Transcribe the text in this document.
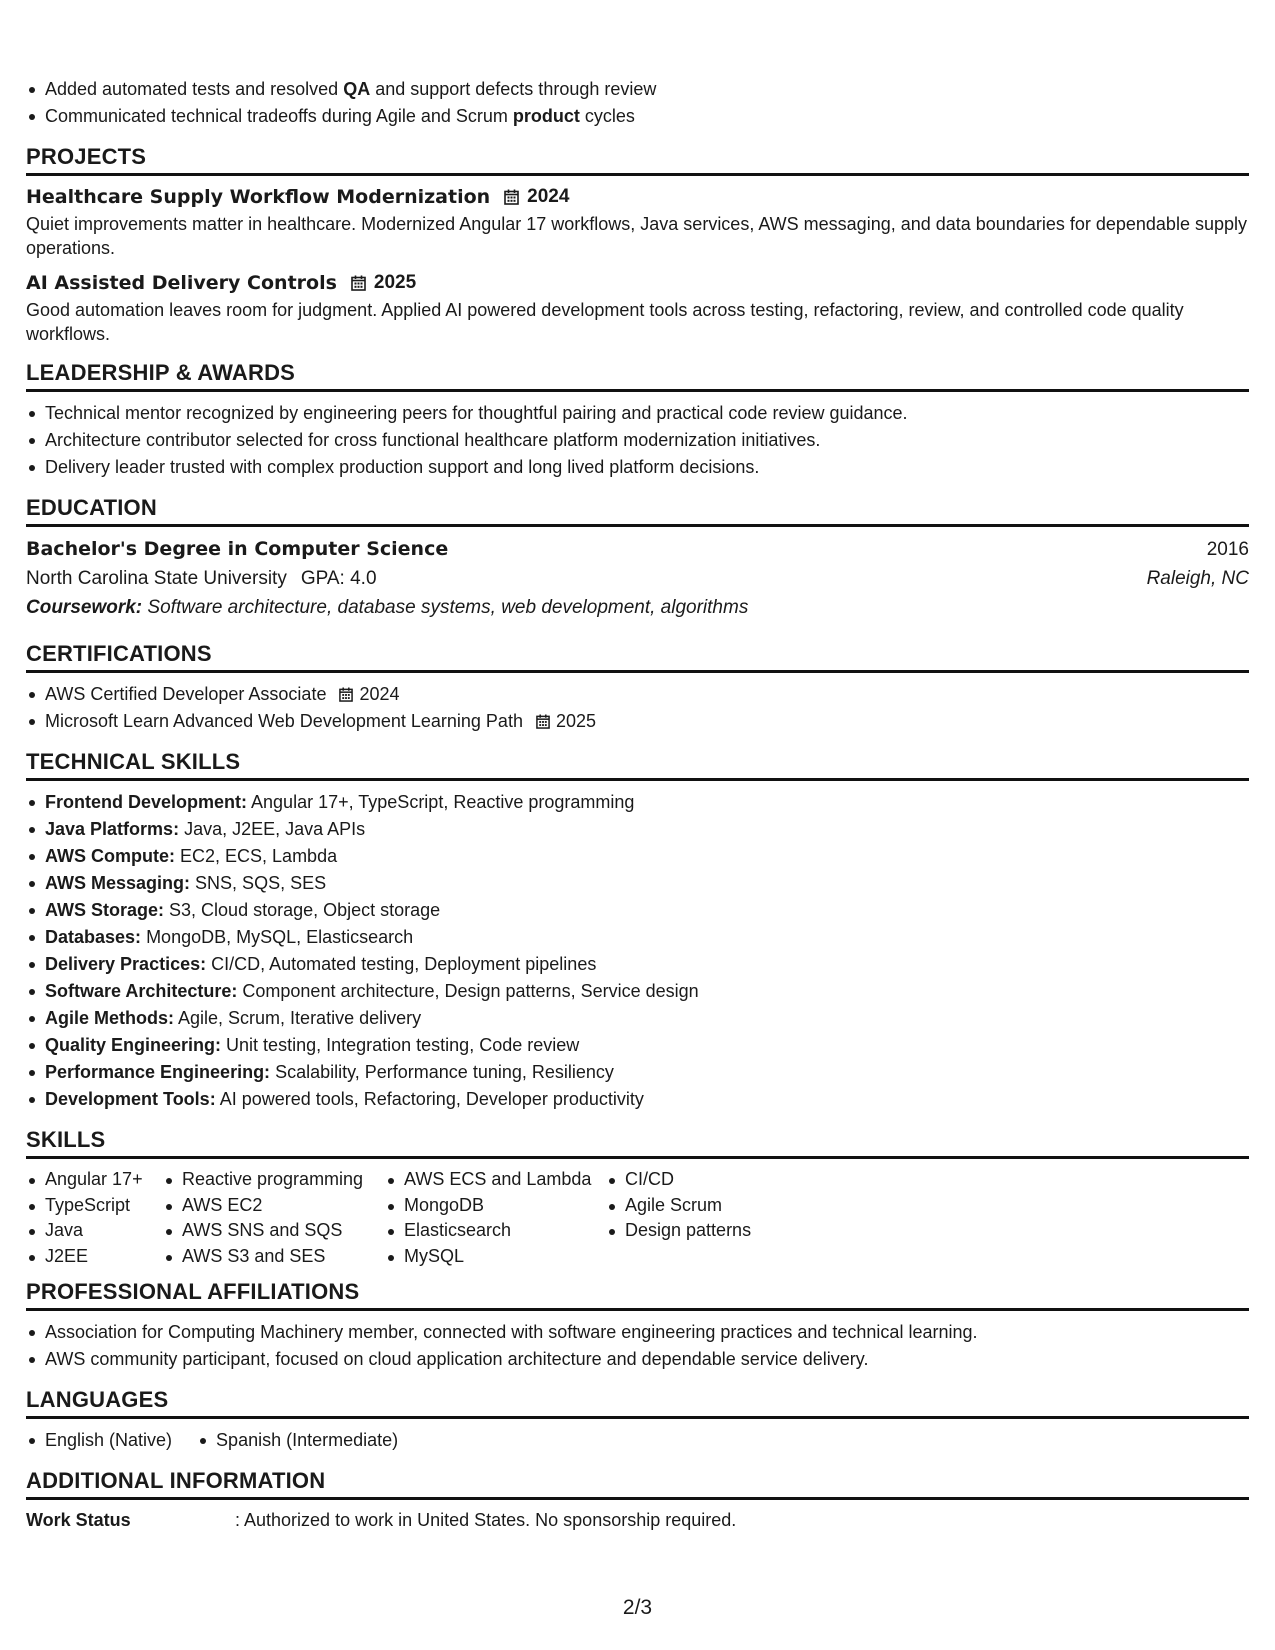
Added automated tests and resolved QA and support defects through review
Communicated technical tradeoffs during Agile and Scrum product cycles
PROJECTS
Healthcare Supply Workflow Modernization 2024
Quiet improvements matter in healthcare. Modernized Angular 17 workflows, Java services, AWS messaging, and data boundaries for dependable supply operations.
AI Assisted Delivery Controls 2025
Good automation leaves room for judgment. Applied AI powered development tools across testing, refactoring, review, and controlled code quality workflows.
LEADERSHIP & AWARDS
Technical mentor recognized by engineering peers for thoughtful pairing and practical code review guidance.
Architecture contributor selected for cross functional healthcare platform modernization initiatives.
Delivery leader trusted with complex production support and long lived platform decisions.
EDUCATION
Bachelor's Degree in Computer Science	2016
North Carolina State University GPA: 4.0	Raleigh, NC
Coursework: Software architecture, database systems, web development, algorithms
CERTIFICATIONS
AWS Certified Developer Associate 2024
Microsoft Learn Advanced Web Development Learning Path 2025
TECHNICAL SKILLS
Frontend Development: Angular 17+, TypeScript, Reactive programming
Java Platforms: Java, J2EE, Java APIs
AWS Compute: EC2, ECS, Lambda
AWS Messaging: SNS, SQS, SES
AWS Storage: S3, Cloud storage, Object storage
Databases: MongoDB, MySQL, Elasticsearch
Delivery Practices: CI/CD, Automated testing, Deployment pipelines
Software Architecture: Component architecture, Design patterns, Service design
Agile Methods: Agile, Scrum, Iterative delivery
Quality Engineering: Unit testing, Integration testing, Code review
Performance Engineering: Scalability, Performance tuning, Resiliency
Development Tools: AI powered tools, Refactoring, Developer productivity
SKILLS
Angular 17+
TypeScript
Java
J2EE
Reactive programming
AWS EC2
AWS SNS and SQS
AWS S3 and SES
AWS ECS and Lambda
MongoDB
Elasticsearch
MySQL
CI/CD
Agile Scrum
Design patterns
PROFESSIONAL AFFILIATIONS
Association for Computing Machinery member, connected with software engineering practices and technical learning.
AWS community participant, focused on cloud application architecture and dependable service delivery.
LANGUAGES
English (Native) Spanish (Intermediate)
ADDITIONAL INFORMATION
Work Status	: Authorized to work in United States. No sponsorship required.
2/3
